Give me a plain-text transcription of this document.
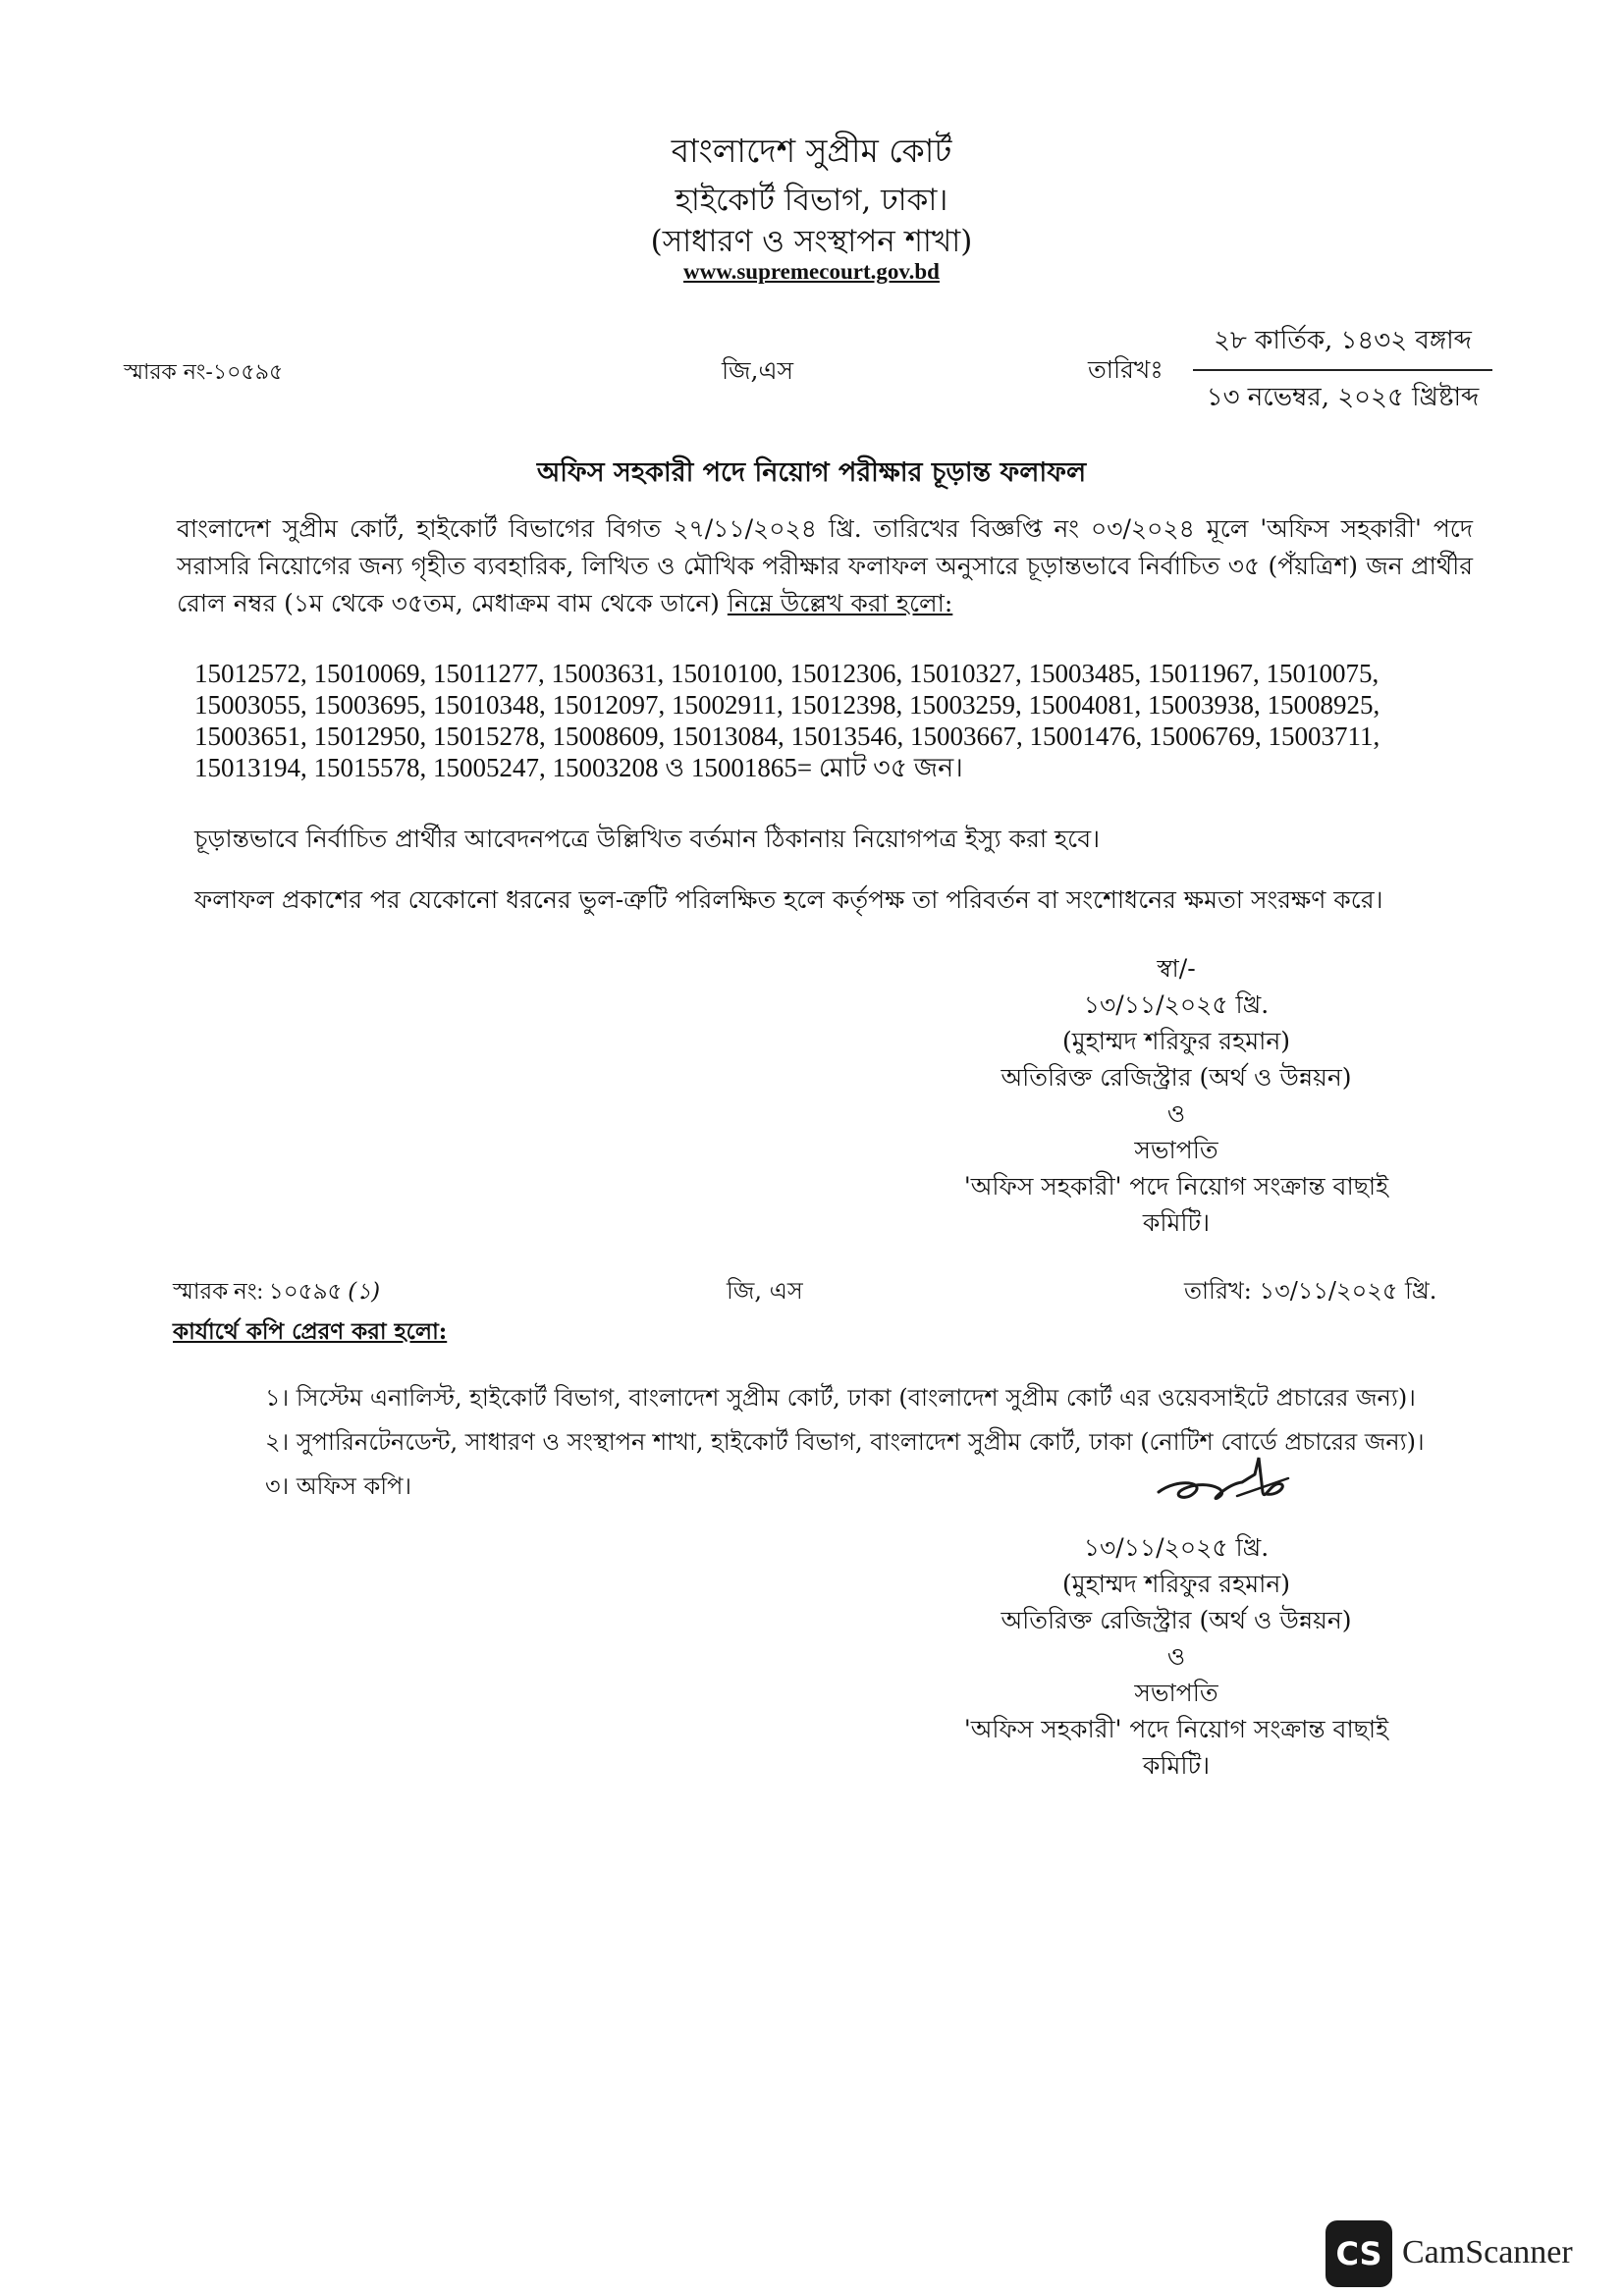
বাংলাদেশ সুপ্রীম কোর্ট
হাইকোর্ট বিভাগ, ঢাকা।
(সাধারণ ও সংস্থাপন শাখা)
www.supremecourt.gov.bd
স্মারক নং-১০৫৯৫	জি,এস	তারিখঃ
২৮ কার্তিক, ১৪৩২ বঙ্গাব্দ
১৩ নভেম্বর, ২০২৫ খ্রিষ্টাব্দ
অফিস সহকারী পদে নিয়োগ পরীক্ষার চূড়ান্ত ফলাফল
বাংলাদেশ সুপ্রীম কোর্ট, হাইকোর্ট বিভাগের বিগত ২৭/১১/২০২৪ খ্রি. তারিখের বিজ্ঞপ্তি নং ০৩/২০২৪ মূলে 'অফিস সহকারী' পদে সরাসরি নিয়োগের জন্য গৃহীত ব্যবহারিক, লিখিত ও মৌখিক পরীক্ষার ফলাফল অনুসারে চূড়ান্তভাবে নির্বাচিত ৩৫ (পঁয়ত্রিশ) জন প্রার্থীর রোল নম্বর (১ম থেকে ৩৫তম, মেধাক্রম বাম থেকে ডানে) নিম্নে উল্লেখ করা হলো:
15012572, 15010069, 15011277, 15003631, 15010100, 15012306, 15010327, 15003485, 15011967, 15010075, 15003055, 15003695, 15010348, 15012097, 15002911, 15012398, 15003259, 15004081, 15003938, 15008925, 15003651, 15012950, 15015278, 15008609, 15013084, 15013546, 15003667, 15001476, 15006769, 15003711, 15013194, 15015578, 15005247, 15003208 ও 15001865= মোট ৩৫ জন।
চূড়ান্তভাবে নির্বাচিত প্রার্থীর আবেদনপত্রে উল্লিখিত বর্তমান ঠিকানায় নিয়োগপত্র ইস্যু করা হবে।
ফলাফল প্রকাশের পর যেকোনো ধরনের ভুল-ত্রুটি পরিলক্ষিত হলে কর্তৃপক্ষ তা পরিবর্তন বা সংশোধনের ক্ষমতা সংরক্ষণ করে।
স্বা/-
১৩/১১/২০২৫ খ্রি.
(মুহাম্মদ শরিফুর রহমান)
অতিরিক্ত রেজিস্ট্রার (অর্থ ও উন্নয়ন)
ও
সভাপতি
'অফিস সহকারী' পদে নিয়োগ সংক্রান্ত বাছাই
কমিটি।
স্মারক নং: ১০৫৯৫ (১)	জি, এস	তারিখ: ১৩/১১/২০২৫ খ্রি.
কার্যার্থে কপি প্রেরণ করা হলো:
১। সিস্টেম এনালিস্ট, হাইকোর্ট বিভাগ, বাংলাদেশ সুপ্রীম কোর্ট, ঢাকা (বাংলাদেশ সুপ্রীম কোর্ট এর ওয়েবসাইটে প্রচারের জন্য)।
২। সুপারিনটেনডেন্ট, সাধারণ ও সংস্থাপন শাখা, হাইকোর্ট বিভাগ, বাংলাদেশ সুপ্রীম কোর্ট, ঢাকা (নোটিশ বোর্ডে প্রচারের জন্য)।
৩। অফিস কপি।
১৩/১১/২০২৫ খ্রি.
(মুহাম্মদ শরিফুর রহমান)
অতিরিক্ত রেজিস্ট্রার (অর্থ ও উন্নয়ন)
ও
সভাপতি
'অফিস সহকারী' পদে নিয়োগ সংক্রান্ত বাছাই
কমিটি।
CS CamScanner
